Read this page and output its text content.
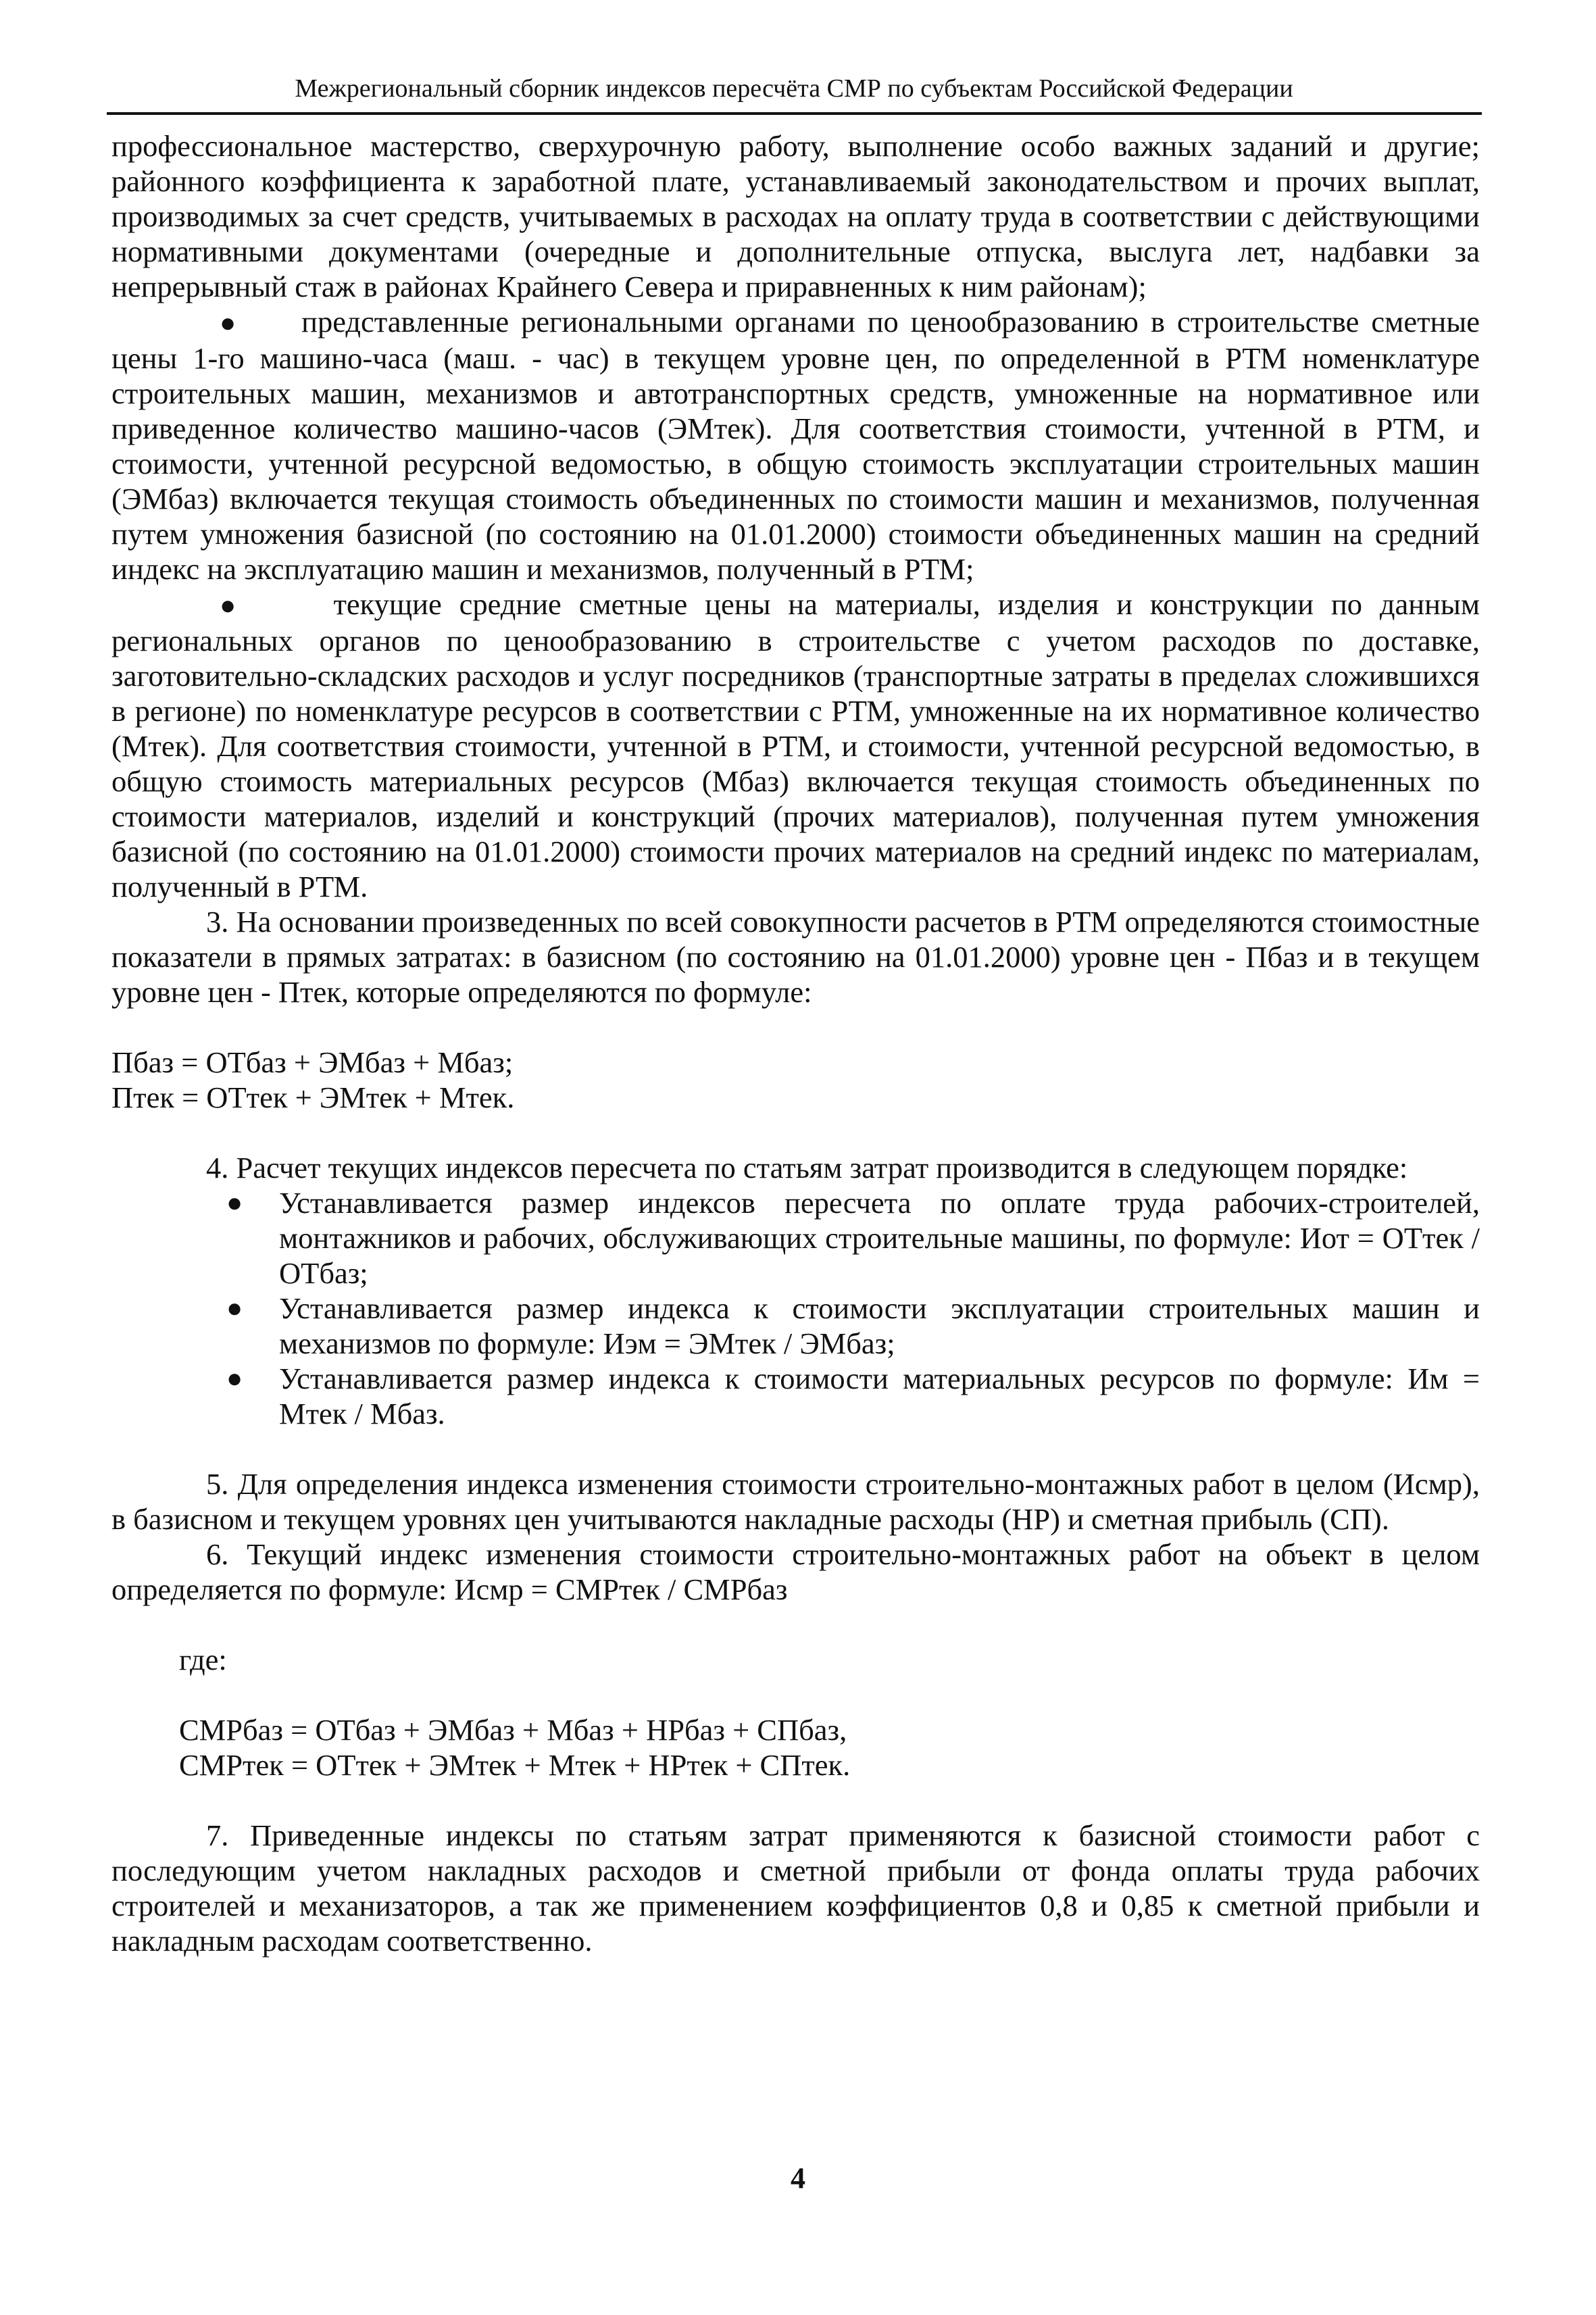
Межрегиональный сборник индексов пересчёта СМР по субъектам Российской Федерации

профессиональное мастерство, сверхурочную работу, выполнение особо важных заданий и другие; районного коэффициента к заработной плате, устанавливаемый законодательством и прочих выплат, производимых за счет средств, учитываемых в расходах на оплату труда в соответствии с действующими нормативными документами (очередные и дополнительные отпуска, выслуга лет, надбавки за непрерывный стаж в районах Крайнего Севера и приравненных к ним районам);

● представленные региональными органами по ценообразованию в строительстве сметные цены 1-го машино-часа (маш. - час) в текущем уровне цен, по определенной в РТМ номенклатуре строительных машин, механизмов и автотранспортных средств, умноженные на нормативное или приведенное количество машино-часов (ЭМтек). Для соответствия стоимости, учтенной в РТМ, и стоимости, учтенной ресурсной ведомостью, в общую стоимость эксплуатации строительных машин (ЭМбаз) включается текущая стоимость объединенных по стоимости машин и механизмов, полученная путем умножения базисной (по состоянию на 01.01.2000) стоимости объединенных машин на средний индекс на эксплуатацию машин и механизмов, полученный в РТМ;

●	текущие средние сметные цены на материалы, изделия и конструкции по данным региональных органов по ценообразованию в строительстве с учетом расходов по доставке, заготовительно-складских расходов и услуг посредников (транспортные затраты в пределах сложившихся в регионе) по номенклатуре ресурсов в соответствии с РТМ, умноженные на их нормативное количество (Мтек). Для соответствия стоимости, учтенной в РТМ, и стоимости, учтенной ресурсной ведомостью, в общую стоимость материальных ресурсов (Мбаз) включается текущая стоимость объединенных по стоимости материалов, изделий и конструкций (прочих материалов), полученная путем умножения базисной (по состоянию на 01.01.2000) стоимости прочих материалов на средний индекс по материалам, полученный в РТМ.

3. На основании произведенных по всей совокупности расчетов в РТМ определяются стоимостные показатели в прямых затратах: в базисном (по состоянию на 01.01.2000) уровне цен - Пбаз и в текущем уровне цен - Птек, которые определяются по формуле:

Пбаз = ОТбаз + ЭМбаз + Мбаз;

Птек = ОТтек + ЭМтек + Мтек.

4. Расчет текущих индексов пересчета по статьям затрат производится в следующем порядке:

● Устанавливается размер индексов пересчета по оплате труда рабочих-строителей, монтажников и рабочих, обслуживающих строительные машины, по формуле: Иот = ОТтек / ОТбаз;

● Устанавливается размер индекса к стоимости эксплуатации строительных машин и механизмов по формуле: Иэм = ЭМтек / ЭМбаз;

● Устанавливается размер индекса к стоимости материальных ресурсов по формуле: Им = Мтек / Мбаз.

5. Для определения индекса изменения стоимости строительно-монтажных работ в целом (Исмр), в базисном и текущем уровнях цен учитываются накладные расходы (НР) и сметная прибыль (СП).

6. Текущий индекс изменения стоимости строительно-монтажных работ на объект в целом определяется по формуле: Исмр = СМРтек / СМРбаз

где:

СМРбаз = ОТбаз + ЭМбаз + Мбаз + НРбаз + СПбаз,

СМРтек = ОТтек + ЭМтек + Мтек + НРтек + СПтек.

7. Приведенные индексы по статьям затрат применяются к базисной стоимости работ с последующим учетом накладных расходов и сметной прибыли от фонда оплаты труда рабочих строителей и механизаторов, а так же применением коэффициентов 0,8 и 0,85 к сметной прибыли и накладным расходам соответственно.

4
